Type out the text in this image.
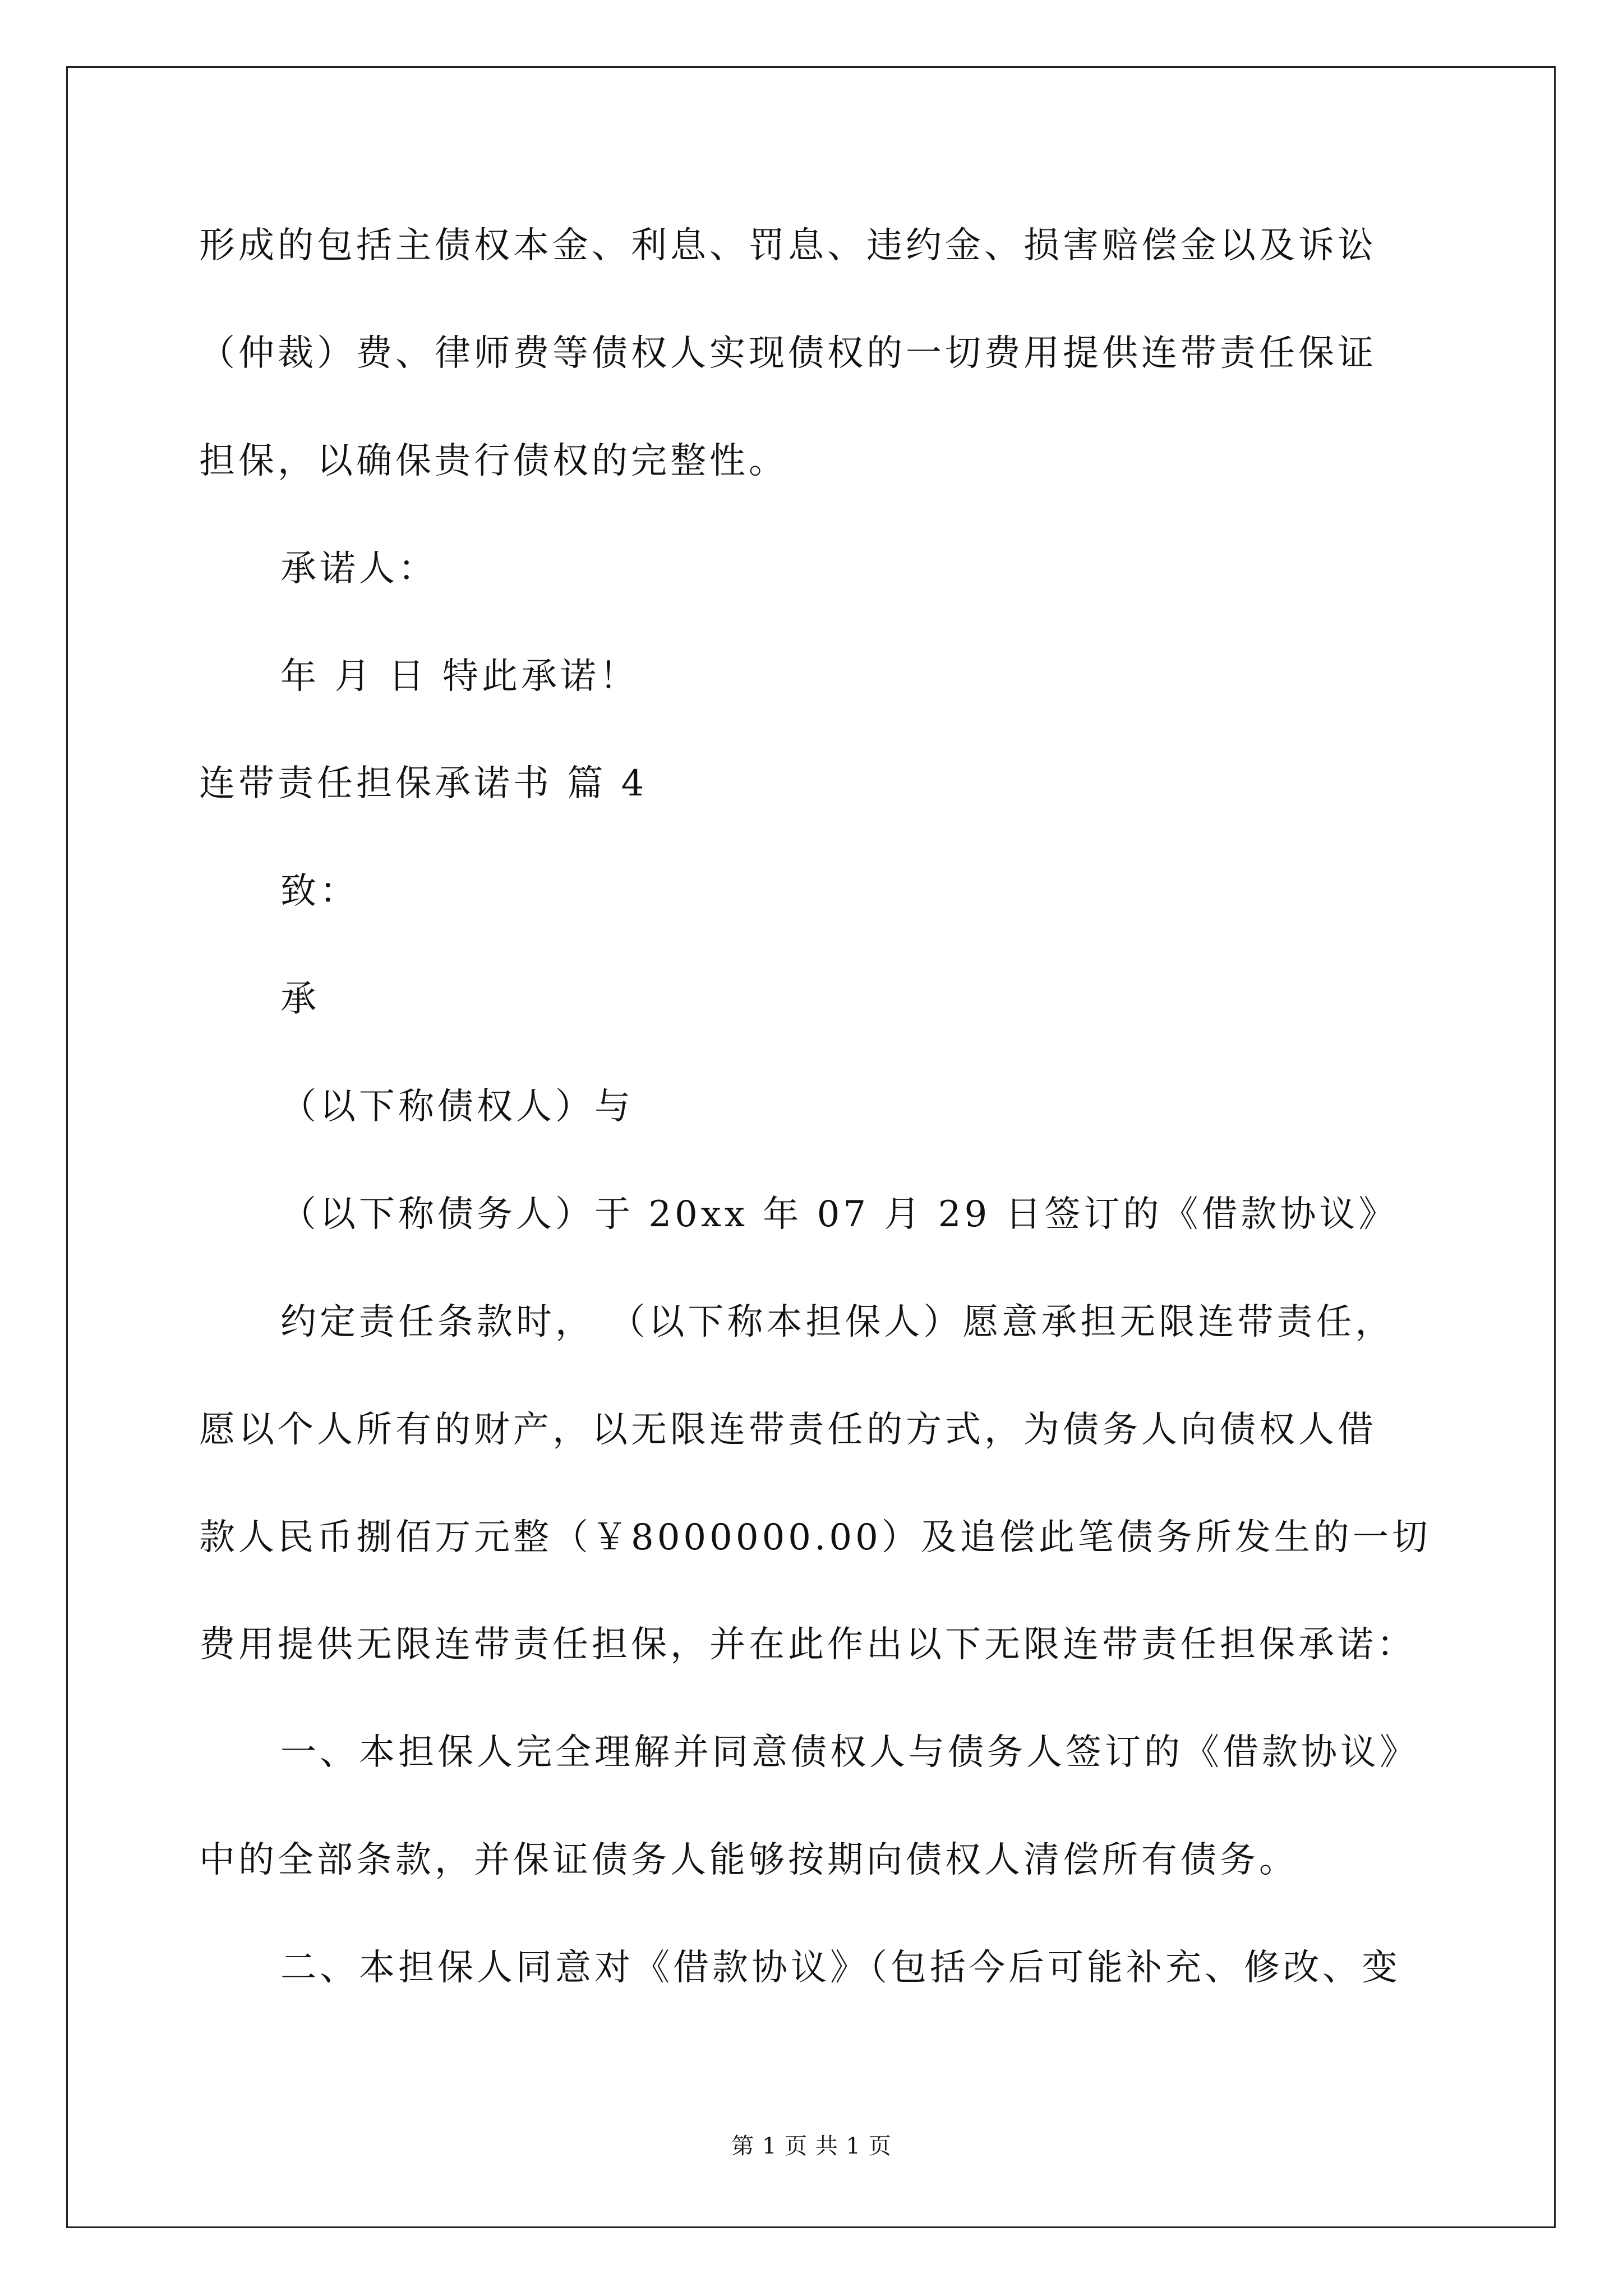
形成的包括主债权本金、利息、罚息、违约金、损害赔偿金以及诉讼
（仲裁）费、律师费等债权人实现债权的一切费用提供连带责任保证
担保，以确保贵行债权的完整性。
承诺人：
年 月 日 特此承诺！
连带责任担保承诺书 篇 4
致：
承
（以下称债权人）与
（以下称债务人）于 20xx 年 07 月 29 日签订的《借款协议》
约定责任条款时， （以下称本担保人）愿意承担无限连带责任，
愿以个人所有的财产，以无限连带责任的方式，为债务人向债权人借
款人民币捌佰万元整（￥8000000.00）及追偿此笔债务所发生的一切
费用提供无限连带责任担保，并在此作出以下无限连带责任担保承诺：
一、本担保人完全理解并同意债权人与债务人签订的《借款协议》
中的全部条款，并保证债务人能够按期向债权人清偿所有债务。
二、本担保人同意对《借款协议》（包括今后可能补充、修改、变
第 1 页 共 1 页
